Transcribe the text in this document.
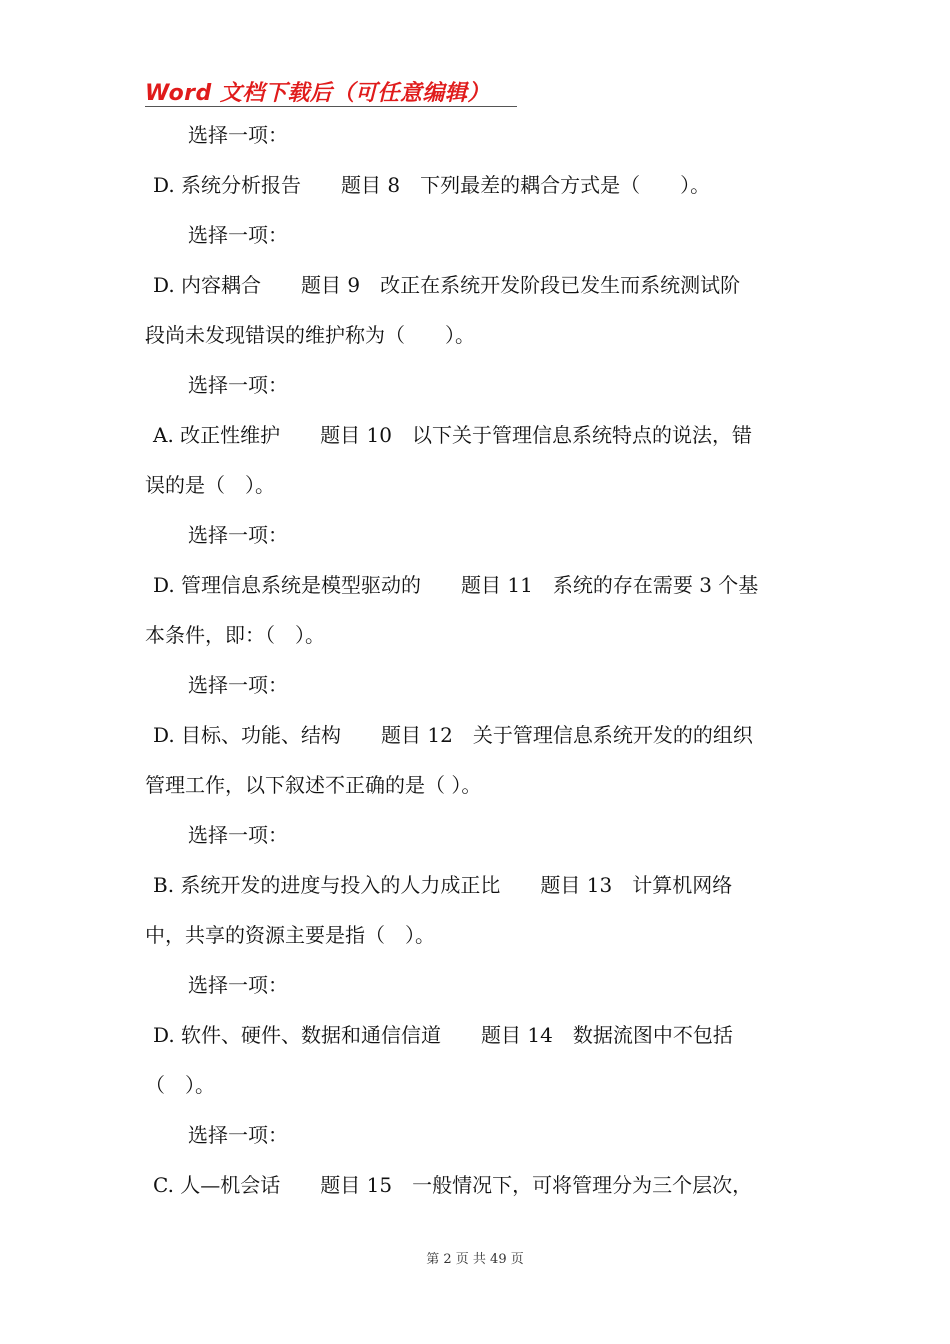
Word 文档下载后（可任意编辑）
选择一项：
D. 系统分析报告　　题目 8　下列最差的耦合方式是（　　）。
选择一项：
D. 内容耦合　　题目 9　改正在系统开发阶段已发生而系统测试阶
段尚未发现错误的维护称为（　　）。
选择一项：
A. 改正性维护　　题目 10　以下关于管理信息系统特点的说法，错
误的是（　）。
选择一项：
D. 管理信息系统是模型驱动的　　题目 11　系统的存在需要 3 个基
本条件，即：（　）。
选择一项：
D. 目标、功能、结构　　题目 12　关于管理信息系统开发的的组织
管理工作，以下叙述不正确的是（ ）。
选择一项：
B. 系统开发的进度与投入的人力成正比　　题目 13　计算机网络
中，共享的资源主要是指（　）。
选择一项：
D. 软件、硬件、数据和通信信道　　题目 14　数据流图中不包括
（　）。
选择一项：
C. 人—机会话　　题目 15　一般情况下，可将管理分为三个层次，
第 2 页 共 49 页
